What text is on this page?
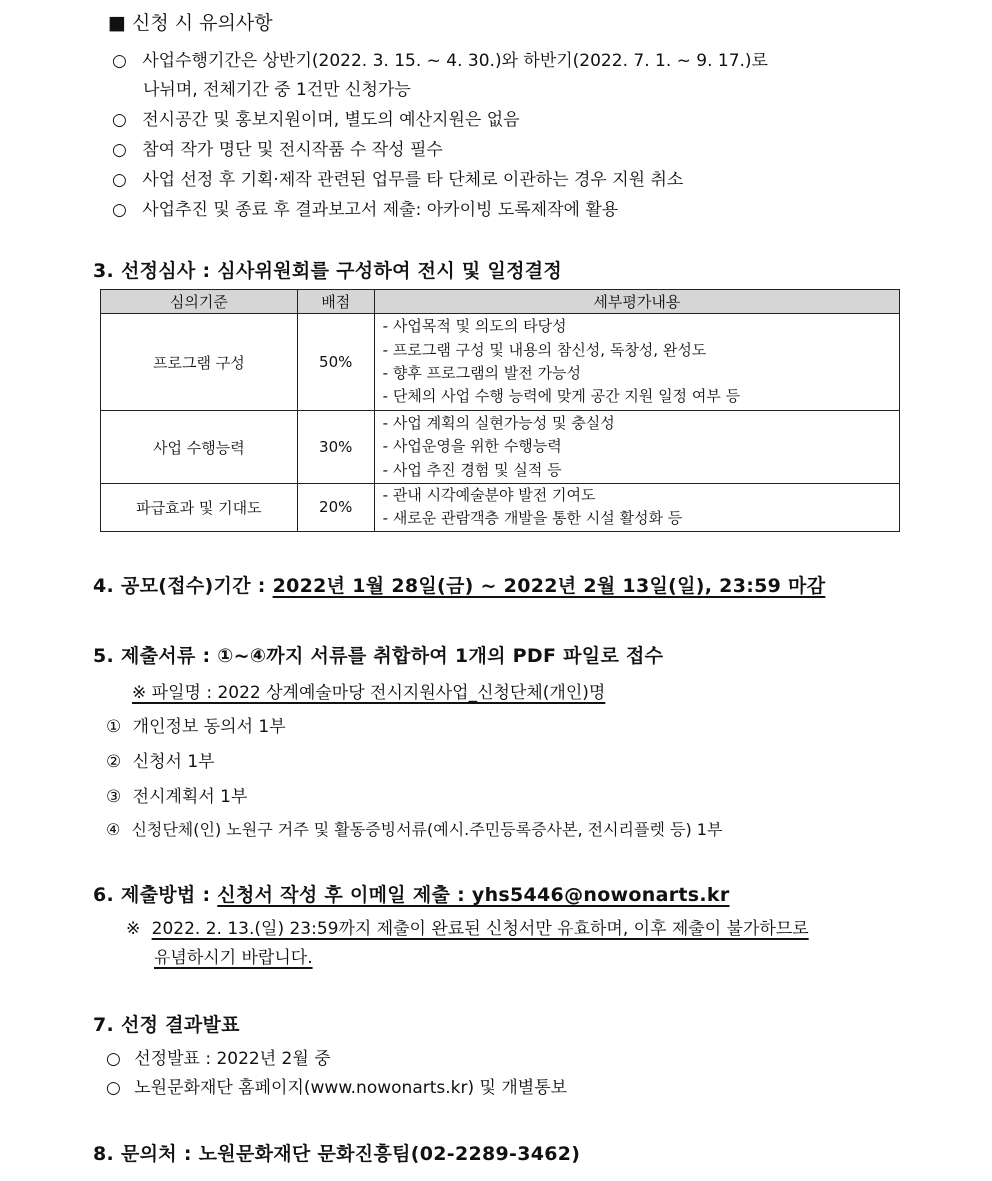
■ 신청 시 유의사항
○ 사업수행기간은 상반기(2022. 3. 15. ~ 4. 30.)와 하반기(2022. 7. 1. ~ 9. 17.)로
나뉘며, 전체기간 중 1건만 신청가능
○ 전시공간 및 홍보지원이며, 별도의 예산지원은 없음
○ 참여 작가 명단 및 전시작품 수 작성 필수
○ 사업 선정 후 기획·제작 관련된 업무를 타 단체로 이관하는 경우 지원 취소
○ 사업추진 및 종료 후 결과보고서 제출: 아카이빙 도록제작에 활용
3. 선정심사 : 심사위원회를 구성하여 전시 및 일정결정
심의기준	배점	세부평가내용
프로그램 구성	50%	- 사업목적 및 의도의 타당성
- 프로그램 구성 및 내용의 참신성, 독창성, 완성도
- 향후 프로그램의 발전 가능성
- 단체의 사업 수행 능력에 맞게 공간 지원 일정 여부 등

사업 수행능력	30%	- 사업 계획의 실현가능성 및 충실성
- 사업운영을 위한 수행능력
- 사업 추진 경험 및 실적 등

파급효과 및 기대도	20%	- 관내 시각예술분야 발전 기여도
- 새로운 관람객층 개발을 통한 시설 활성화 등
4. 공모(접수)기간 : 2022년 1월 28일(금) ~ 2022년 2월 13일(일), 23:59 마감
5. 제출서류 : ①~④까지 서류를 취합하여 1개의 PDF 파일로 접수
※ 파일명 : 2022 상계예술마당 전시지원사업_신청단체(개인)명
① 개인정보 동의서 1부
② 신청서 1부
③ 전시계획서 1부
④ 신청단체(인) 노원구 거주 및 활동증빙서류(예시.주민등록증사본, 전시리플렛 등) 1부
6. 제출방법 : 신청서 작성 후 이메일 제출 : yhs5446@nowonarts.kr
※ 2022. 2. 13.(일) 23:59까지 제출이 완료된 신청서만 유효하며, 이후 제출이 불가하므로
유념하시기 바랍니다.
7. 선정 결과발표
○ 선정발표 : 2022년 2월 중
○ 노원문화재단 홈페이지(www.nowonarts.kr) 및 개별통보
8. 문의처 : 노원문화재단 문화진흥팀(02-2289-3462)
